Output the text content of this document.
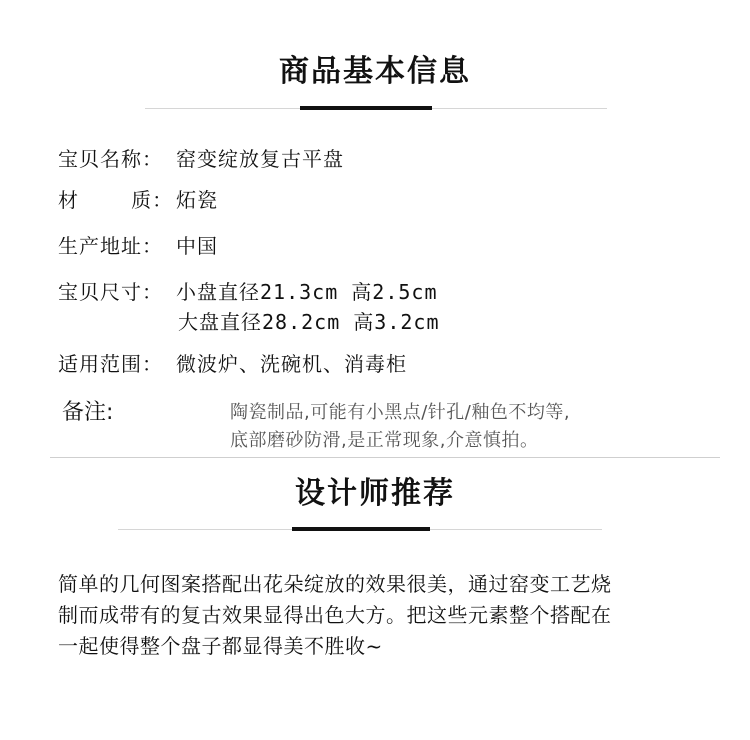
商品基本信息
宝贝名称： 窑变绽放复古平盘
材    质： 炻瓷
生产地址： 中国
宝贝尺寸： 小盘直径21.3cm 高2.5cm
大盘直径28.2cm 高3.2cm
适用范围： 微波炉、洗碗机、消毒柜
备注:	陶瓷制品,可能有小黑点/针孔/釉色不均等,
底部磨砂防滑,是正常现象,介意慎拍。
设计师推荐
简单的几何图案搭配出花朵绽放的效果很美，通过窑变工艺烧
制而成带有的复古效果显得出色大方。把这些元素整个搭配在
一起使得整个盘子都显得美不胜收~
